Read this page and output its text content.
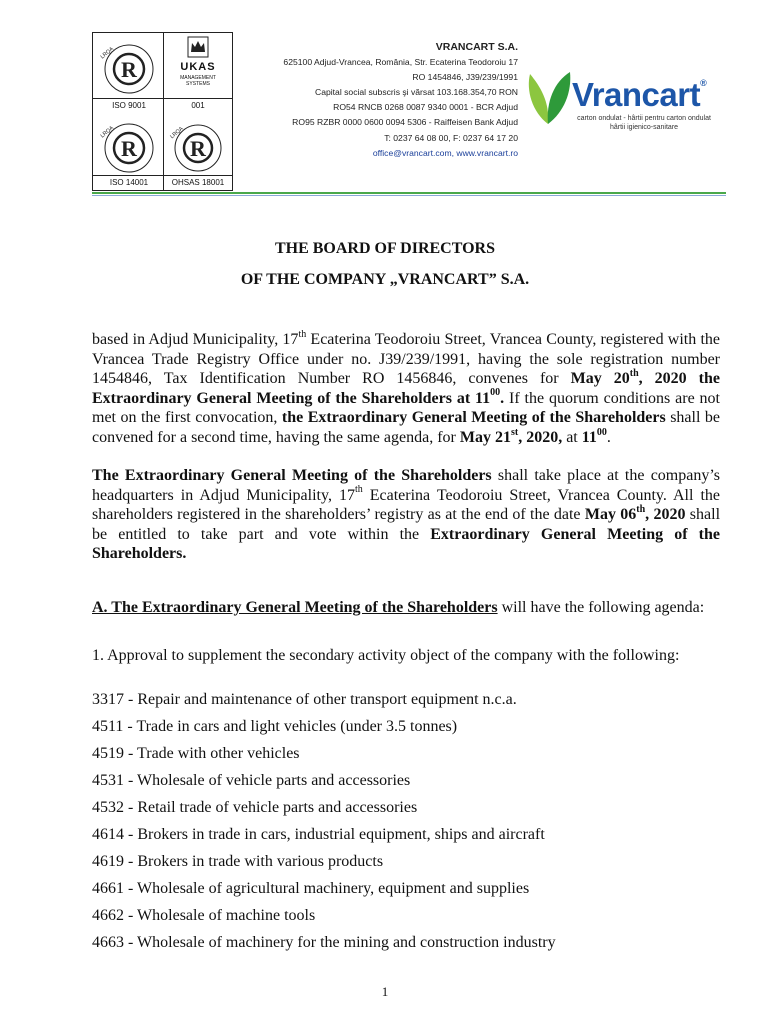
R
LRQA
ISO 9001
UKAS
MANAGEMENT
SYSTEMS
001
R
LRQA
ISO 14001
R
LRQA
OHSAS 18001
VRANCART S.A.
625100 Adjud-Vrancea, România, Str. Ecaterina Teodoroiu 17
RO 1454846, J39/239/1991
Capital social subscris şi vărsat 103.168.354,70 RON
RO54 RNCB 0268 0087 9340 0001 - BCR Adjud
RO95 RZBR 0000 0600 0094 5306 - Raiffeisen Bank Adjud
T: 0237 64 08 00, F: 0237 64 17 20
office@vrancart.com, www.vrancart.ro
Vrancart®
carton ondulat - hârtii pentru carton ondulat
hârtii igienico-sanitare
THE BOARD OF DIRECTORS
OF THE COMPANY „VRANCART” S.A.
based in Adjud Municipality, 17th Ecaterina Teodoroiu Street, Vrancea County, registered with the Vrancea Trade Registry Office under no. J39/239/1991, having the sole registration number 1454846, Tax Identification Number RO 1456846, convenes for May 20th, 2020 the Extraordinary General Meeting of the Shareholders at $11^{00}$. If the quorum conditions are not met on the first convocation, the Extraordinary General Meeting of the Shareholders shall be convened for a second time, having the same agenda, for May 21st, 2020, at $11^{00}$.
The Extraordinary General Meeting of the Shareholders shall take place at the company’s headquarters in Adjud Municipality, 17th Ecaterina Teodoroiu Street, Vrancea County. All the shareholders registered in the shareholders’ registry as at the end of the date May 06th, 2020 shall be entitled to take part and vote within the Extraordinary General Meeting of the Shareholders.
A. The Extraordinary General Meeting of the Shareholders will have the following agenda:
1. Approval to supplement the secondary activity object of the company with the following:
3317 - Repair and maintenance of other transport equipment n.c.a.
4511 - Trade in cars and light vehicles (under 3.5 tonnes)
4519 - Trade with other vehicles
4531 - Wholesale of vehicle parts and accessories
4532 - Retail trade of vehicle parts and accessories
4614 - Brokers in trade in cars, industrial equipment, ships and aircraft
4619 - Brokers in trade with various products
4661 - Wholesale of agricultural machinery, equipment and supplies
4662 - Wholesale of machine tools
4663 - Wholesale of machinery for the mining and construction industry
1
